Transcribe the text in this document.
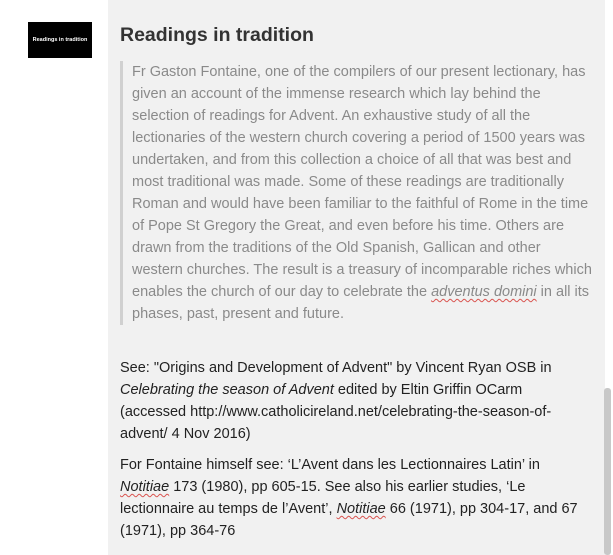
Readings in tradition Readings in tradition

Fr Gaston Fontaine, one of the compilers of our present lectionary, has given an account of the immense research which lay behind the selection of readings for Advent. An exhaustive study of all the lectionaries of the western church covering a period of 1500 years was undertaken, and from this collection a choice of all that was best and most traditional was made. Some of these readings are traditionally Roman and would have been familiar to the faithful of Rome in the time of Pope St Gregory the Great, and even before his time. Others are drawn from the traditions of the Old Spanish, Gallican and other western churches. The result is a treasury of incomparable riches which enables the church of our day to celebrate the adventus domini in all its phases, past, present and future.

See: "Origins and Development of Advent" by Vincent Ryan OSB in Celebrating the season of Advent edited by Eltin Griffin OCarm (accessed http://www.catholicireland.net/celebrating-the-season-of-advent/ 4 Nov 2016)

For Fontaine himself see: ‘L’Avent dans les Lectionnaires Latin’ in Notitiae 173 (1980), pp 605-15. See also his earlier studies, ‘Le lectionnaire au temps de l’Avent’, Notitiae 66 (1971), pp 304-17, and 67 (1971), pp 364-76
